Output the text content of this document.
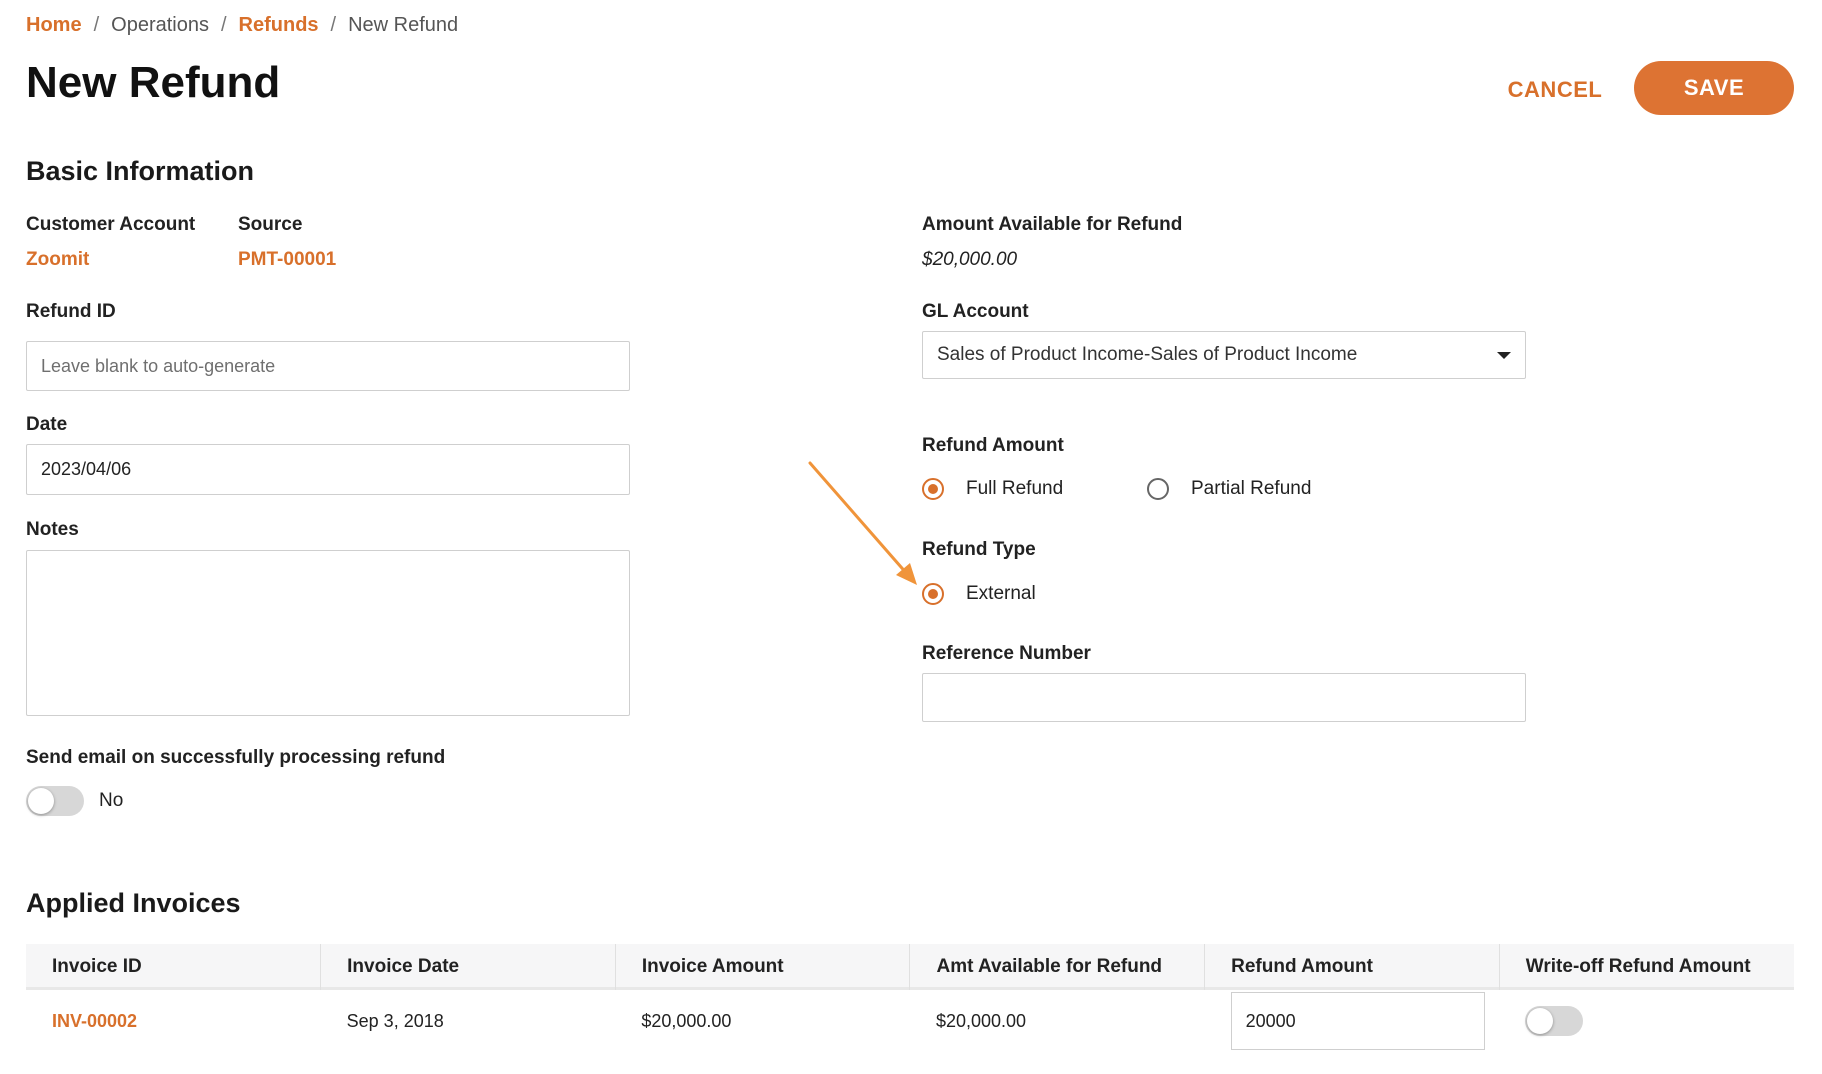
Home / Operations / Refunds / New Refund
New Refund	CANCEL	SAVE
Basic Information
Customer Account
Zoomit
Source
PMT-00001
Refund ID
Leave blank to auto-generate
Date
2023/04/06
Notes
Send email on successfully processing refund
No
Amount Available for Refund
$20,000.00
GL Account
Sales of Product Income-Sales of Product Income
Refund Amount
Full Refund	Partial Refund
Refund Type
External
Reference Number
Applied Invoices
Invoice ID	Invoice Date	Invoice Amount	Amt Available for Refund	Refund Amount	Write-off Refund Amount
INV-00002	Sep 3, 2018	$20,000.00	$20,000.00	20000	
